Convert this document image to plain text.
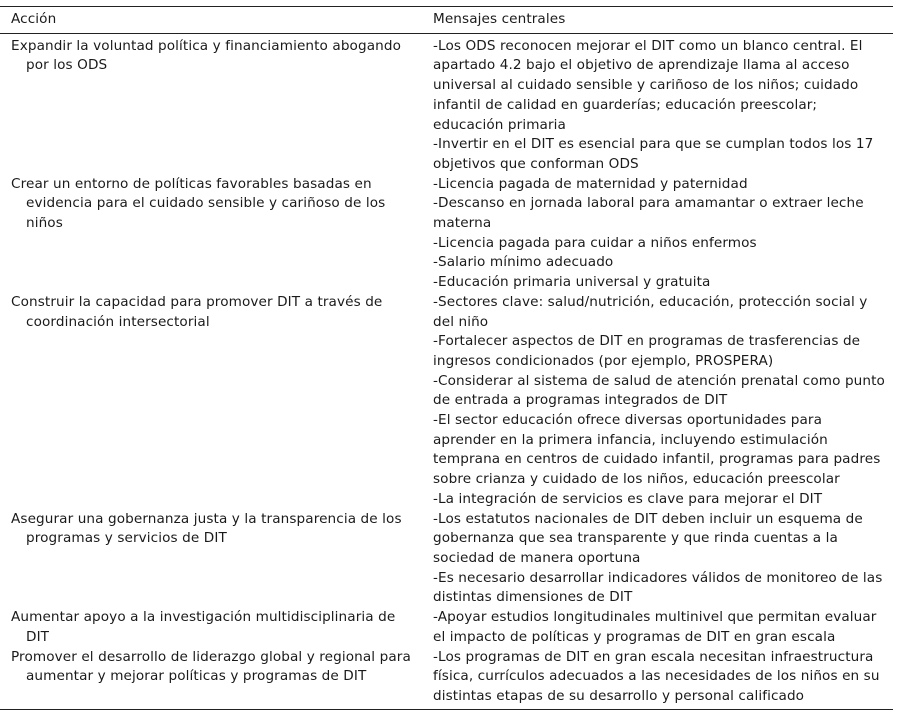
Acción	Mensajes centrales
Expandir la voluntad política y financiamiento abogando por los ODS	-Los ODS reconocen mejorar el DIT como un blanco central. El apartado 4.2 bajo el objetivo de aprendizaje llama al acceso universal al cuidado sensible y cariñoso de los niños; cuidado infantil de calidad en guarderías; educación preescolar; educación primaria
-Invertir en el DIT es esencial para que se cumplan todos los 17 objetivos que conforman ODS

Crear un entorno de políticas favorables basadas en evidencia para el cuidado sensible y cariñoso de los niños	-Licencia pagada de maternidad y paternidad
-Descanso en jornada laboral para amamantar o extraer leche materna
-Licencia pagada para cuidar a niños enfermos
-Salario mínimo adecuado
-Educación primaria universal y gratuita

Construir la capacidad para promover DIT a través de coordinación intersectorial	-Sectores clave: salud/nutrición, educación, protección social y del niño
-Fortalecer aspectos de DIT en programas de trasferencias de ingresos condicionados (por ejemplo, PROSPERA)
-Considerar al sistema de salud de atención prenatal como punto de entrada a programas integrados de DIT
-El sector educación ofrece diversas oportunidades para aprender en la primera infancia, incluyendo estimulación temprana en centros de cuidado infantil, programas para padres sobre crianza y cuidado de los niños, educación preescolar
-La integración de servicios es clave para mejorar el DIT

Asegurar una gobernanza justa y la transparencia de los programas y servicios de DIT	-Los estatutos nacionales de DIT deben incluir un esquema de gobernanza que sea transparente y que rinda cuentas a la sociedad de manera oportuna
-Es necesario desarrollar indicadores válidos de monitoreo de las distintas dimensiones de DIT

Aumentar apoyo a la investigación multidisciplinaria de DIT	-Apoyar estudios longitudinales multinivel que permitan evaluar el impacto de políticas y programas de DIT en gran escala

Promover el desarrollo de liderazgo global y regional para aumentar y mejorar políticas y programas de DIT	-Los programas de DIT en gran escala necesitan infraestructura física, currículos adecuados a las necesidades de los niños en su distintas etapas de su desarrollo y personal calificado
